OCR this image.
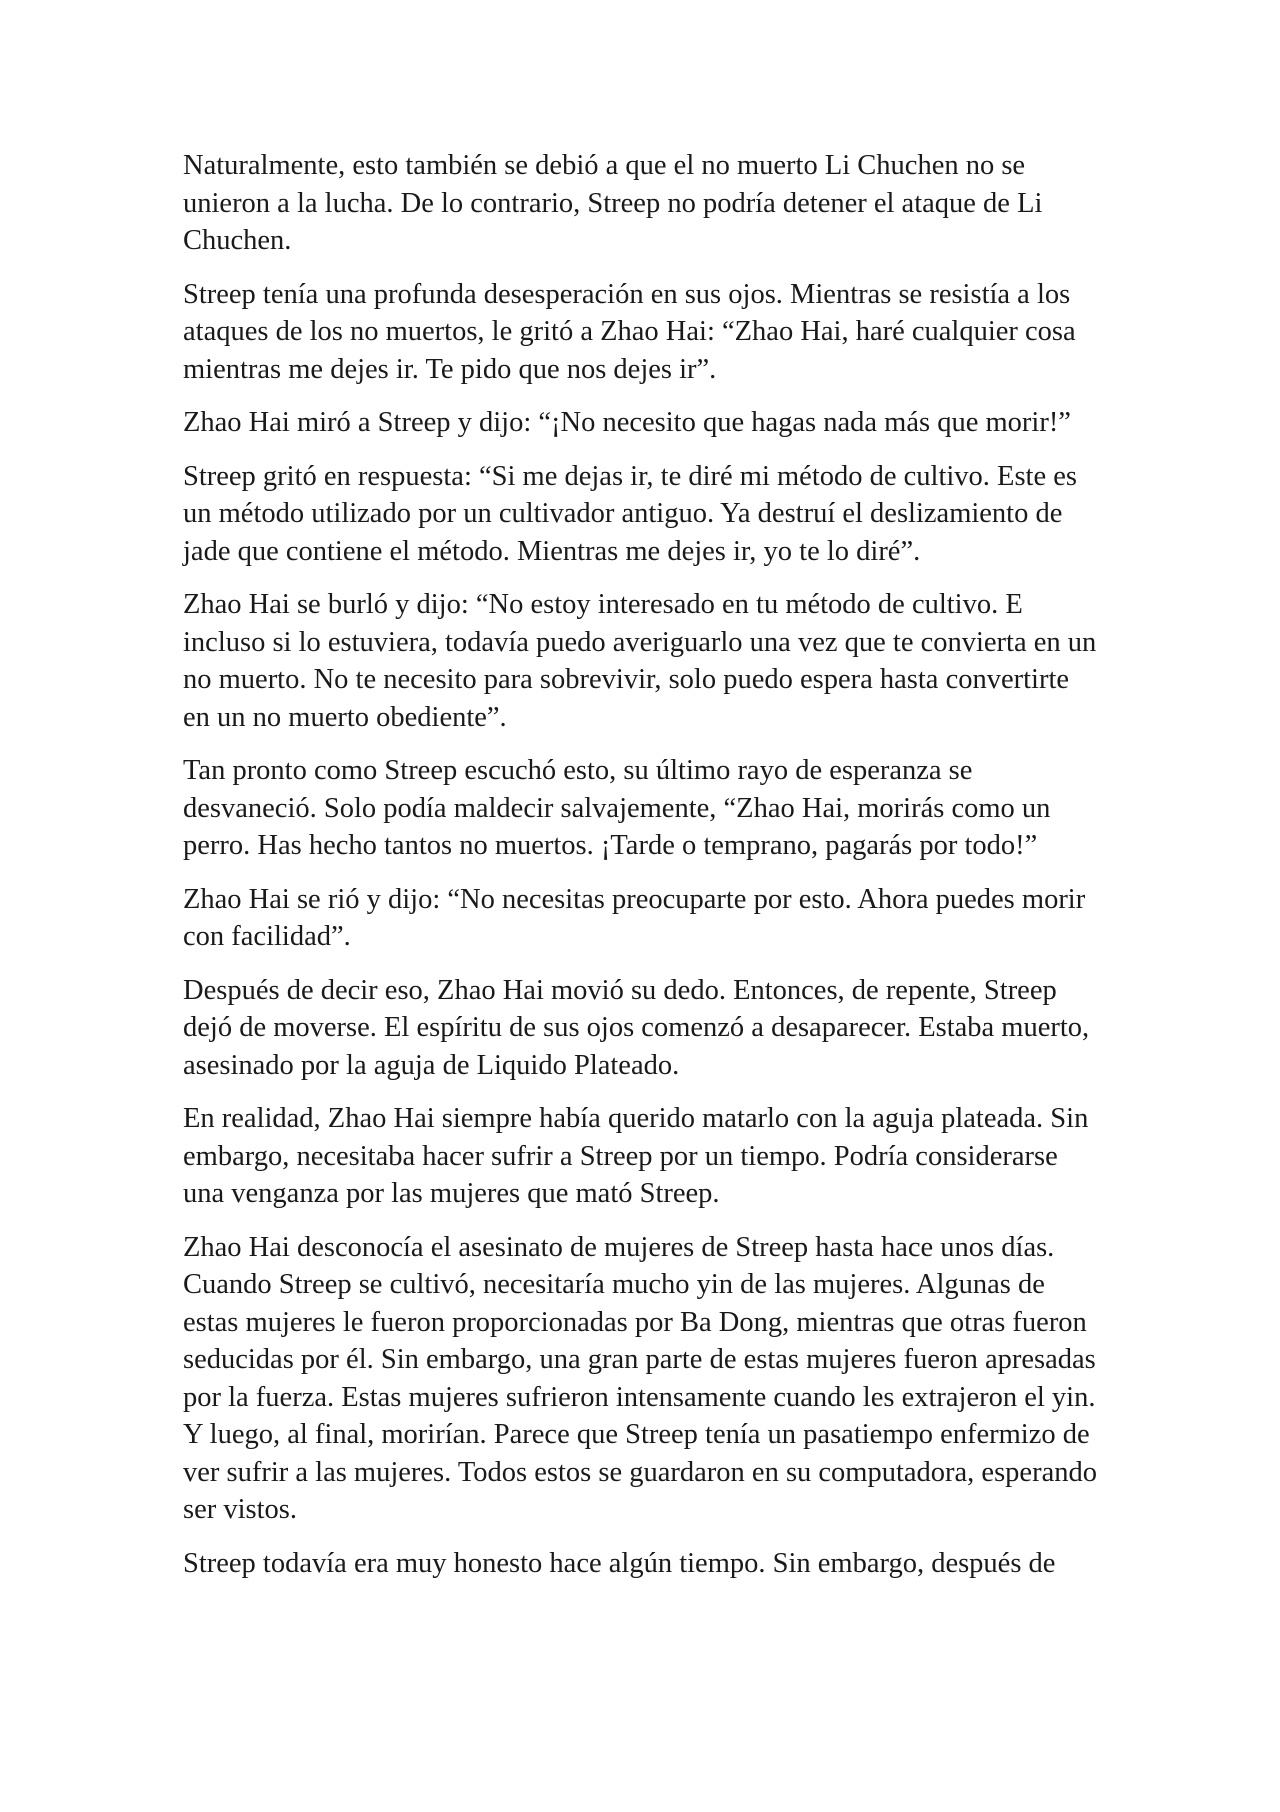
Naturalmente, esto también se debió a que el no muerto Li Chuchen no se unieron a la lucha. De lo contrario, Streep no podría detener el ataque de Li Chuchen.

Streep tenía una profunda desesperación en sus ojos. Mientras se resistía a los ataques de los no muertos, le gritó a Zhao Hai: “Zhao Hai, haré cualquier cosa mientras me dejes ir. Te pido que nos dejes ir”.

Zhao Hai miró a Streep y dijo: “¡No necesito que hagas nada más que morir!”

Streep gritó en respuesta: “Si me dejas ir, te diré mi método de cultivo. Este es un método utilizado por un cultivador antiguo. Ya destruí el deslizamiento de jade que contiene el método. Mientras me dejes ir, yo te lo diré”.

Zhao Hai se burló y dijo: “No estoy interesado en tu método de cultivo. E incluso si lo estuviera, todavía puedo averiguarlo una vez que te convierta en un no muerto. No te necesito para sobrevivir, solo puedo espera hasta convertirte en un no muerto obediente”.

Tan pronto como Streep escuchó esto, su último rayo de esperanza se desvaneció. Solo podía maldecir salvajemente, “Zhao Hai, morirás como un perro. Has hecho tantos no muertos. ¡Tarde o temprano, pagarás por todo!”

Zhao Hai se rió y dijo: “No necesitas preocuparte por esto. Ahora puedes morir con facilidad”.

Después de decir eso, Zhao Hai movió su dedo. Entonces, de repente, Streep dejó de moverse. El espíritu de sus ojos comenzó a desaparecer. Estaba muerto, asesinado por la aguja de Liquido Plateado.

En realidad, Zhao Hai siempre había querido matarlo con la aguja plateada. Sin embargo, necesitaba hacer sufrir a Streep por un tiempo. Podría considerarse una venganza por las mujeres que mató Streep.

Zhao Hai desconocía el asesinato de mujeres de Streep hasta hace unos días. Cuando Streep se cultivó, necesitaría mucho yin de las mujeres. Algunas de estas mujeres le fueron proporcionadas por Ba Dong, mientras que otras fueron seducidas por él. Sin embargo, una gran parte de estas mujeres fueron apresadas por la fuerza. Estas mujeres sufrieron intensamente cuando les extrajeron el yin. Y luego, al final, morirían. Parece que Streep tenía un pasatiempo enfermizo de ver sufrir a las mujeres. Todos estos se guardaron en su computadora, esperando ser vistos.

Streep todavía era muy honesto hace algún tiempo. Sin embargo, después de
